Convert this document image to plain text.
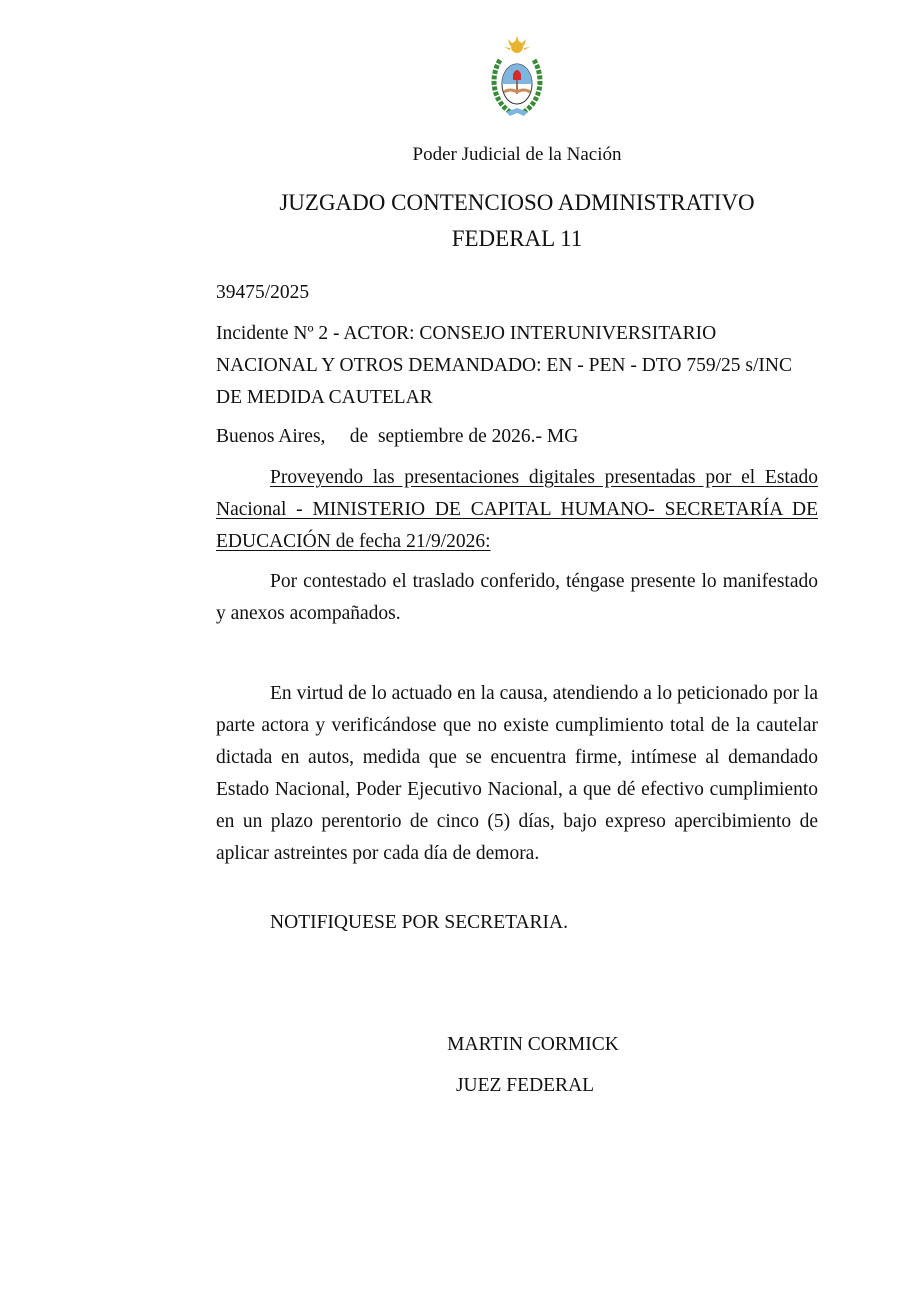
Poder Judicial de la Nación
JUZGADO CONTENCIOSO ADMINISTRATIVO
FEDERAL 11
39475/2025
Incidente Nº 2 - ACTOR: CONSEJO INTERUNIVERSITARIO NACIONAL Y OTROS DEMANDADO: EN - PEN - DTO 759/25 s/INC DE MEDIDA CAUTELAR
Buenos Aires,     de  septiembre de 2026.- MG
Proveyendo las presentaciones digitales presentadas por el Estado Nacional - MINISTERIO DE CAPITAL HUMANO- SECRETARÍA DE EDUCACIÓN de fecha 21/9/2026:
Por contestado el traslado conferido, téngase presente lo manifestado y anexos acompañados.
En virtud de lo actuado en la causa, atendiendo a lo peticionado por la parte actora y verificándose que no existe cumplimiento total de la cautelar dictada en autos, medida que se encuentra firme, intímese al demandado Estado Nacional, Poder Ejecutivo Nacional, a que dé efectivo cumplimiento en un plazo perentorio de cinco (5) días, bajo expreso apercibimiento de aplicar astreintes por cada día de demora.
NOTIFIQUESE POR SECRETARIA.
MARTIN CORMICK
JUEZ FEDERAL
